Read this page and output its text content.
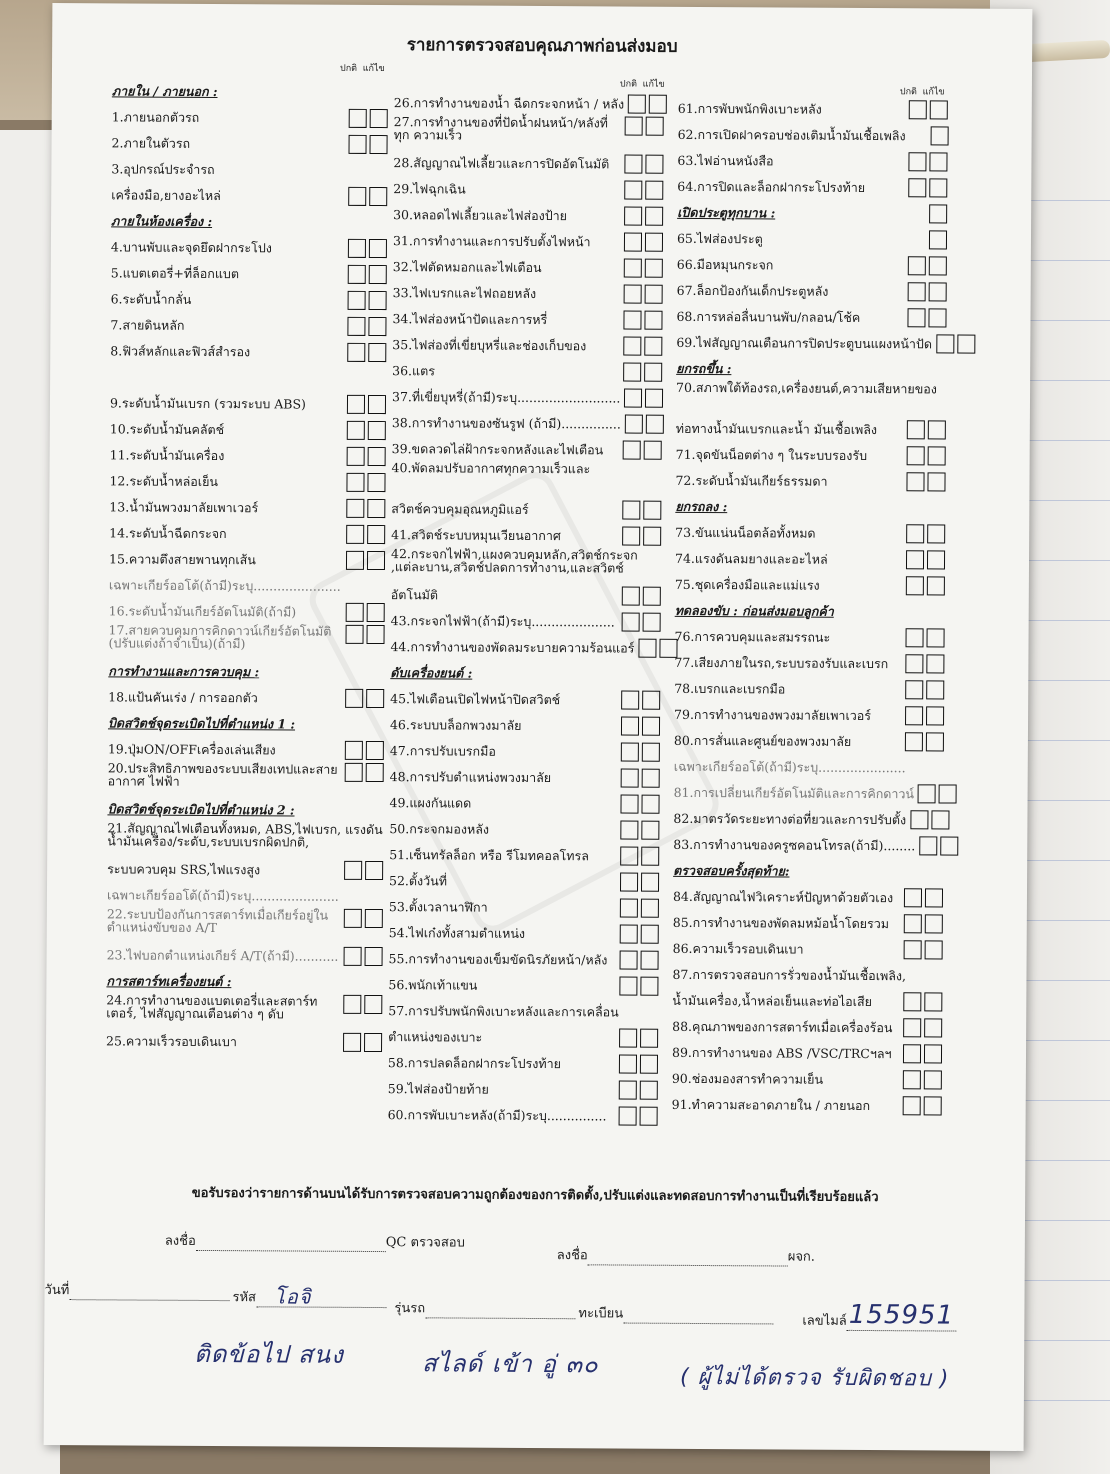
รายการตรวจสอบคุณภาพก่อนส่งมอบ
ปกติ แก้ไข
ปกติ แก้ไข
ปกติ แก้ไข
ภายใน / ภายนอก :
1.ภายนอกตัวรถ
2.ภายในตัวรถ
3.อุปกรณ์ประจำรถ
เครื่องมือ,ยางอะไหล่
ภายในห้องเครื่อง :
4.บานพับและจุดยึดฝากระโปง
5.แบตเตอรี่+ที่ล็อกแบต
6.ระดับน้ำกลั่น
7.สายดินหลัก
8.ฟิวส์หลักและฟิวส์สำรอง
9.ระดับน้ำมันเบรก (รวมระบบ ABS)
10.ระดับน้ำมันคลัตช์
11.ระดับน้ำมันเครื่อง
12.ระดับน้ำหล่อเย็น
13.น้ำมันพวงมาลัยเพาเวอร์
14.ระดับน้ำฉีดกระจก
15.ความตึงสายพานทุกเส้น
เฉพาะเกียร์ออโต้(ถ้ามี)ระบุ......................
16.ระดับน้ำมันเกียร์อัตโนมัติ(ถ้ามี)
17.สายควบคุมการคิกดาวน์เกียร์อัตโนมัติ (ปรับแต่งถ้าจำเป็น)(ถ้ามี)
การทำงานและการควบคุม :
18.แป้นคันเร่ง / การออกตัว
บิดสวิตช์จุดระเบิดไปที่ตำแหน่ง 1 :
19.ปุ่มON/OFFเครื่องเล่นเสียง
20.ประสิทธิภาพของระบบเสียงเทปและสายอากาศ ไฟฟ้า
บิดสวิตช์จุดระเบิดไปที่ตำแหน่ง 2 :
21.สัญญาณไฟเตือนทั้งหมด, ABS,ไฟเบรก, แรงดันน้ำมันเครื่อง/ระดับ,ระบบเบรกผิดปกติ,
ระบบควบคุม SRS,ไฟแรงสูง
เฉพาะเกียร์ออโต้(ถ้ามี)ระบุ......................
22.ระบบป้องกันการสตาร์ทเมื่อเกียร์อยู่ใน ตำแหน่งขับของ A/T
23.ไฟบอกตำแหน่งเกียร์ A/T(ถ้ามี)...........
การสตาร์ทเครื่องยนต์ :
24.การทำงานของแบตเตอรี่และสตาร์ทเตอร์, ไฟสัญญาณเตือนต่าง ๆ ดับ
25.ความเร็วรอบเดินเบา
26.การทำงานของน้ำ ฉีดกระจกหน้า / หลัง
27.การทำงานของที่ปัดน้ำฝนหน้า/หลังที่ทุก ความเร็ว
28.สัญญาณไฟเลี้ยวและการปิดอัตโนมัติ
29.ไฟฉุกเฉิน
30.หลอดไฟเลี้ยวและไฟส่องป้าย
31.การทำงานและการปรับตั้งไฟหน้า
32.ไฟตัดหมอกและไฟเตือน
33.ไฟเบรกและไฟถอยหลัง
34.ไฟส่องหน้าปัดและการหรี่
35.ไฟส่องที่เขี่ยบุหรี่และช่องเก็บของ
36.แตร
37.ที่เขี่ยบุหรี่(ถ้ามี)ระบุ..........................
38.การทำงานของซันรูฟ (ถ้ามี)...............
39.ขดลวดไล่ฝ้ากระจกหลังและไฟเตือน
40.พัดลมปรับอากาศทุกความเร็วและ
สวิตช์ควบคุมอุณหภูมิแอร์
41.สวิตช์ระบบหมุนเวียนอากาศ
42.กระจกไฟฟ้า,แผงควบคุมหลัก,สวิตช์กระจก ,แต่ละบาน,สวิตช์ปลดการทำงาน,และสวิตช์
อัตโนมัติ
43.กระจกไฟฟ้า(ถ้ามี)ระบุ.....................
44.การทำงานของพัดลมระบายความร้อนแอร์
ดับเครื่องยนต์ :
45.ไฟเตือนเปิดไฟหน้าปิดสวิตช์
46.ระบบบล็อกพวงมาลัย
47.การปรับเบรกมือ
48.การปรับตำแหน่งพวงมาลัย
49.แผงกันแดด
50.กระจกมองหลัง
51.เซ็นทรัลล็อก หรือ รีโมทคอลโทรล
52.ตั้งวันที่
53.ตั้งเวลานาฬิกา
54.ไฟเก๋งทั้งสามตำแหน่ง
55.การทำงานของเข็มขัดนิรภัยหน้า/หลัง
56.พนักเท้าแขน
57.การปรับพนักพิงเบาะหลังและการเคลื่อน
ตำแหน่งของเบาะ
58.การปลดล็อกฝากระโปรงท้าย
59.ไฟส่องป้ายท้าย
60.การพับเบาะหลัง(ถ้ามี)ระบุ...............
61.การพับพนักพิงเบาะหลัง
62.การเปิดฝาครอบช่องเติมน้ำมันเชื้อเพลิง
63.ไฟอ่านหนังสือ
64.การปิดและล็อกฝากระโปรงท้าย
เปิดประตูทุกบาน :
65.ไฟส่องประตู
66.มือหมุนกระจก
67.ล็อกป้องกันเด็กประตูหลัง
68.การหล่อลื่นบานพับ/กลอน/โช้ค
69.ไฟสัญญาณเตือนการปิดประตูบนแผงหน้าปัด
ยกรถขึ้น :
70.สภาพใต้ท้องรถ,เครื่องยนต์,ความเสียหายของ
ท่อทางน้ำมันเบรกและน้ำ มันเชื้อเพลิง
71.จุดขันน็อตต่าง ๆ ในระบบรองรับ
72.ระดับน้ำมันเกียร์ธรรมดา
ยกรถลง :
73.ขันแน่นน็อตล้อทั้งหมด
74.แรงดันลมยางและอะไหล่
75.ชุดเครื่องมือและแม่แรง
ทดลองขับ : ก่อนส่งมอบลูกค้า
76.การควบคุมและสมรรถนะ
77.เสียงภายในรถ,ระบบรองรับและเบรก
78.เบรกและเบรกมือ
79.การทำงานของพวงมาลัยเพาเวอร์
80.การสั่นและศูนย์ของพวงมาลัย
เฉพาะเกียร์ออโต้(ถ้ามี)ระบุ......................
81.การเปลี่ยนเกียร์อัตโนมัติและการคิกดาวน์
82.มาตรวัดระยะทางต่อที่ยวและการปรับตั้ง
83.การทำงานของครูซคอนโทรล(ถ้ามี)........
ตรวจสอบครั้งสุดท้าย:
84.สัญญาณไฟวิเคราะห์ปัญหาด้วยตัวเอง
85.การทำงานของพัดลมหม้อน้ำโดยรวม
86.ความเร็วรอบเดินเบา
87.การตรวจสอบการรั่วของน้ำมันเชื้อเพลิง,
น้ำมันเครื่อง,น้ำหล่อเย็นและท่อไอเสีย
88.คุณภาพของการสตาร์ทเมื่อเครื่องร้อน
89.การทำงานของ ABS /VSC/TRCฯลฯ
90.ช่องมองสารทำความเย็น
91.ทำความสะอาดภายใน / ภายนอก
ขอรับรองว่ารายการด้านบนได้รับการตรวจสอบความถูกต้องของการติดตั้ง,ปรับแต่งและทดสอบการทำงานเป็นที่เรียบร้อยแล้ว
ลงชื่อ	QC ตรวจสอบ
ลงชื่อ	ผจก.
วันที่	รหัส โอจิ
รุ่นรถ	ทะเบียน	เลขไมล์ 155951
ติดข้อไป สนง	สไลด์ เข้า อู่ ๓๐	( ผู้ไม่ได้ตรวจ รับผิดชอบ )
